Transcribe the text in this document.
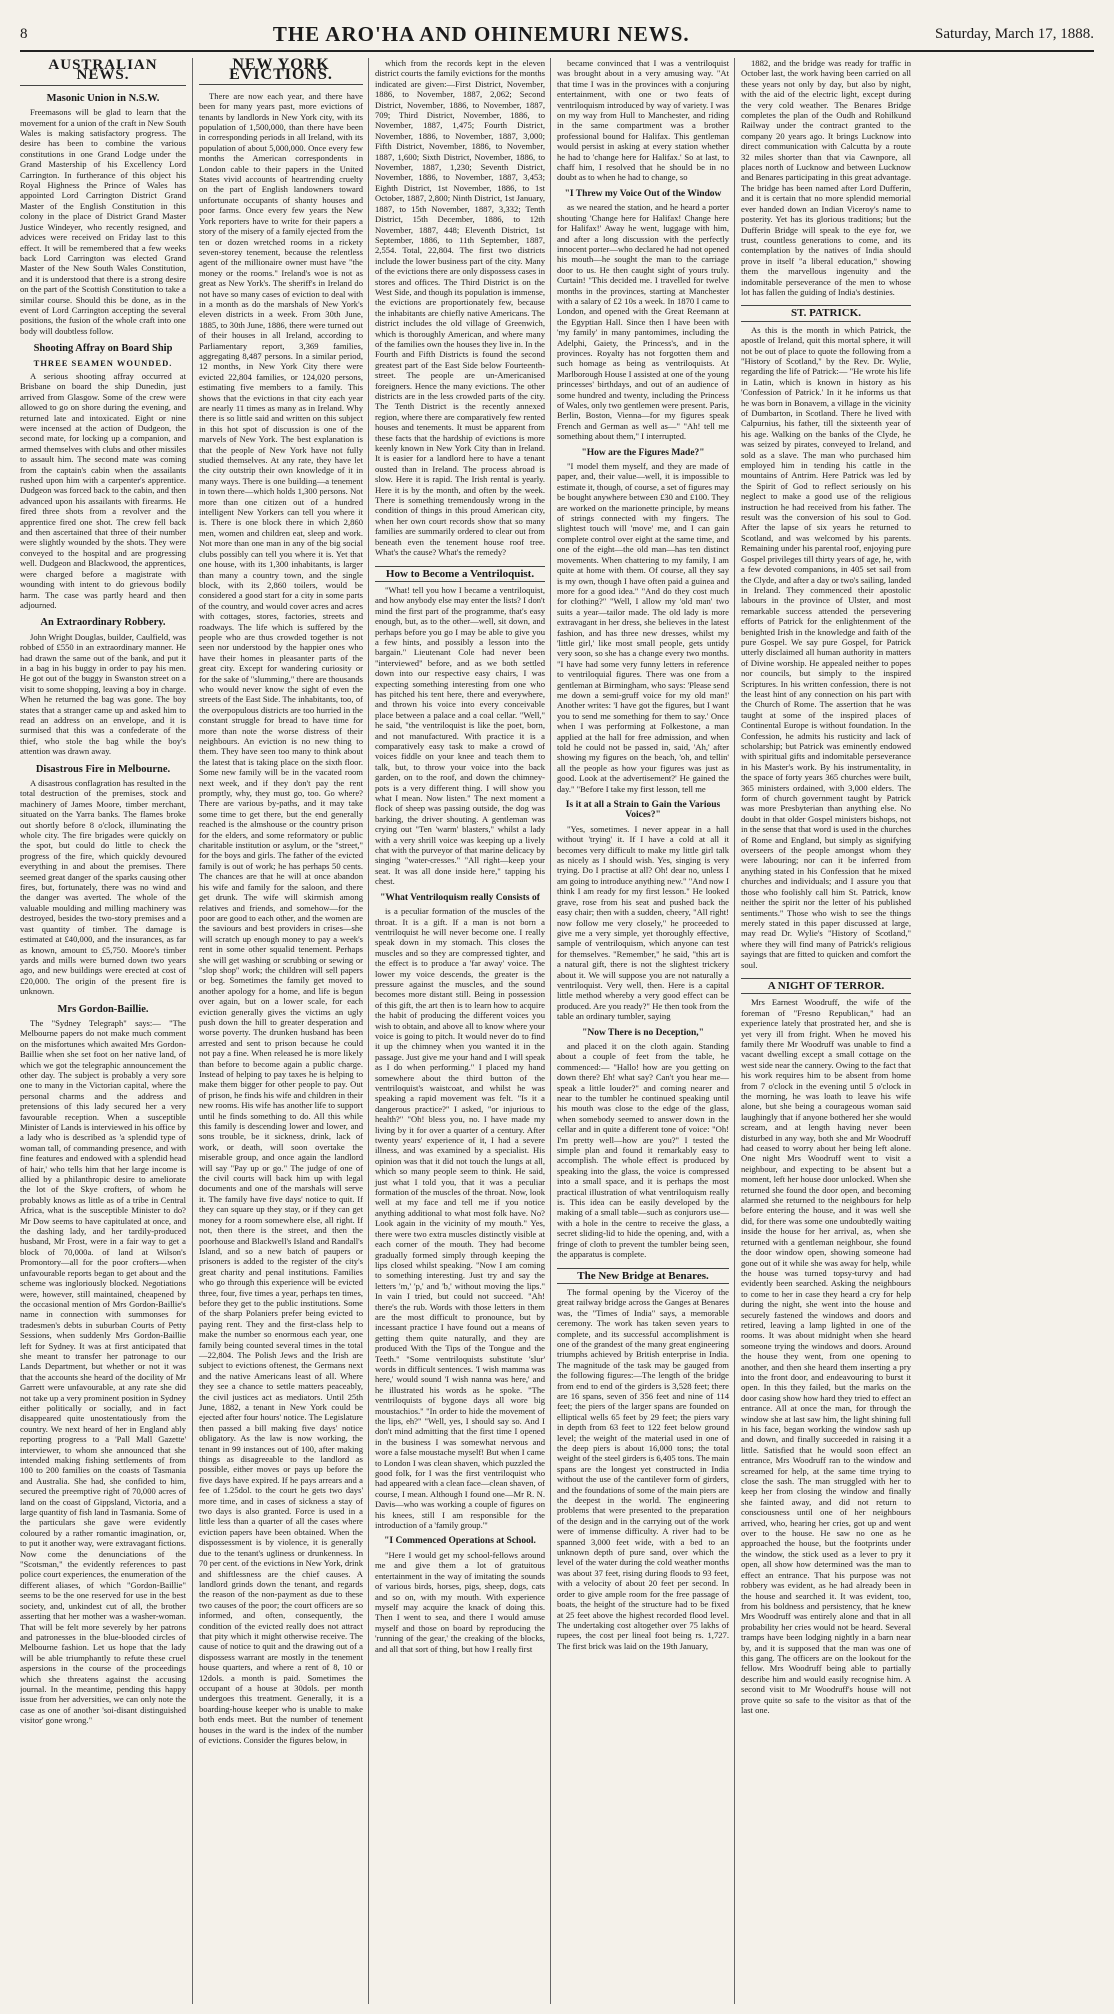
8	THE ARO'HA AND OHINEMURI NEWS.	Saturday, March 17, 1888.
AUSTRALIAN NEWS.
Masonic Union in N.S.W.

Freemasons will be glad to learn that the movement for a union of the craft in New South Wales is making satisfactory progress. The desire has been to combine the various constitutions in one Grand Lodge under the Grand Mastership of his Excellency Lord Carrington. In furtherance of this object his Royal Highness the Prince of Wales has appointed Lord Carrington District Grand Master of the English Constitution in this colony in the place of District Grand Master Justice Windeyer, who recently resigned, and advices were received on Friday last to this effect. It will be remembered that a few weeks back Lord Carrington was elected Grand Master of the New South Wales Constitution, and it is understood that there is a strong desire on the part of the Scottish Constitution to take a similar course. Should this be done, as in the event of Lord Carrington accepting the several positions, the fusion of the whole craft into one body will doubtless follow.

Shooting Affray on Board Ship
THREE SEAMEN WOUNDED.

A serious shooting affray occurred at Brisbane on board the ship Dunedin, just arrived from Glasgow. Some of the crew were allowed to go on shore during the evening, and returned late and intoxicated. Eight or nine were incensed at the action of Dudgeon, the second mate, for locking up a companion, and armed themselves with clubs and other missiles to assault him. The second mate was coming from the captain's cabin when the assailants rushed upon him with a carpenter's apprentice. Dudgeon was forced back to the cabin, and then advanced upon his assailants with firearms. He fired three shots from a revolver and the apprentice fired one shot. The crew fell back and then ascertained that three of their number were slightly wounded by the shots. They were conveyed to the hospital and are progressing well. Dudgeon and Blackwood, the apprentices, were charged before a magistrate with wounding with intent to do grievous bodily harm. The case was partly heard and then adjourned.

An Extraordinary Robbery.

John Wright Douglas, builder, Caulfield, was robbed of £550 in an extraordinary manner. He had drawn the same out of the bank, and put it in a bag in his buggy in order to pay his men. He got out of the buggy in Swanston street on a visit to some shopping, leaving a boy in charge. When he returned the bag was gone. The boy states that a stranger came up and asked him to read an address on an envelope, and it is surmised that this was a confederate of the thief, who stole the bag while the boy's attention was drawn away.

Disastrous Fire in Melbourne.

A disastrous conflagration has resulted in the total destruction of the premises, stock and machinery of James Moore, timber merchant, situated on the Yarra banks. The flames broke out shortly before 8 o'clock, illuminating the whole city. The fire brigades were quickly on the spot, but could do little to check the progress of the fire, which quickly devoured everything in and about the premises. There seemed great danger of the sparks causing other fires, but, fortunately, there was no wind and the danger was averted. The whole of the valuable moulding and milling machinery was destroyed, besides the two-story premises and a vast quantity of timber. The damage is estimated at £40,000, and the insurances, as far as known, amount to £5,750. Moore's timber yards and mills were burned down two years ago, and new buildings were erected at cost of £20,000. The origin of the present fire is unknown.

Mrs Gordon-Baillie.

The "Sydney Telegraph" says:— "The Melbourne papers do not make much comment on the misfortunes which awaited Mrs Gordon-Baillie when she set foot on her native land, of which we got the telegraphic announcement the other day. The subject is probably a very sore one to many in the Victorian capital, where the personal charms and the address and pretensions of this lady secured her a very favourable reception. When a susceptible Minister of Lands is interviewed in his office by a lady who is described as 'a splendid type of woman tall, of commanding presence, and with fine features and endowed with a splendid head of hair,' who tells him that her large income is allied by a philanthropic desire to ameliorate the lot of the Skye crofters, of whom he probably knows as little as of a tribe in Central Africa, what is the susceptible Minister to do? Mr Dow seems to have capitulated at once, and the dashing lady, and her tardily-produced husband, Mr Frost, were in a fair way to get a block of 70,000a. of land at Wilson's Promontory—all for the poor crofters—when unfavourable reports began to get about and the scheme was ingloriously blocked. Negotiations were, however, still maintained, cheapened by the occasional mention of Mrs Gordon-Baillie's name in connection with summonses for tradesmen's debts in suburban Courts of Petty Sessions, when suddenly Mrs Gordon-Baillie left for Sydney. It was at first anticipated that she meant to transfer her patronage to our Lands Department, but whether or not it was that the accounts she heard of the docility of Mr Garrett were unfavourable, at any rate she did not take up a very prominent position in Sydney either politically or socially, and in fact disappeared quite unostentatiously from the country. We next heard of her in England ably reporting progress to a 'Pall Mall Gazette' interviewer, to whom she announced that she intended making fishing settlements of from 100 to 200 families on the coasts of Tasmania and Australia. She had, she confided to him, secured the preemptive right of 70,000 acres of land on the coast of Gippsland, Victoria, and a large quantity of fish land in Tasmania. Some of the particulars she gave were evidently coloured by a rather romantic imagination, or, to put it another way, were extravagant fictions. Now come the denunciations of the "Scotsman," the evidently references to past police court experiences, the enumeration of the different aliases, of which "Gordon-Baillie" seems to be the one reserved for use in the best society, and, unkindest cut of all, the brother asserting that her mother was a washer-woman. That will be felt more severely by her patrons and patronesses in the blue-blooded circles of Melbourne fashion. Let us hope that the lady will be able triumphantly to refute these cruel aspersions in the course of the proceedings which she threatens against the accusing journal. In the meantime, pending this happy issue from her adversities, we can only note the case as one of another 'soi-disant distinguished visitor' gone wrong."

NEW YORK EVICTIONS.

There are now each year, and there have been for many years past, more evictions of tenants by landlords in New York city, with its population of 1,500,000, than there have been in corresponding periods in all Ireland, with its population of about 5,000,000. Once every few months the American correspondents in London cable to their papers in the United States vivid accounts of heartrending cruelty on the part of English landowners toward unfortunate occupants of shanty houses and poor farms. Once every few years the New York reporters have to write for their papers a story of the misery of a family ejected from the ten or dozen wretched rooms in a rickety seven-storey tenement, because the relentless agent of the millionaire owner must have "the money or the rooms." Ireland's woe is not as great as New York's. The sheriff's in Ireland do not have so many cases of eviction to deal with in a month as do the marshals of New York's eleven districts in a week. From 30th June, 1885, to 30th June, 1886, there were turned out of their houses in all Ireland, according to Parliamentary report, 3,369 families, aggregating 8,487 persons. In a similar period, 12 months, in New York City there were evicted 22,804 families, or 124,020 persons, estimating five members to a family. This shows that the evictions in that city each year are nearly 11 times as many as in Ireland. Why there is so little said and written on this subject in this hot spot of discussion is one of the marvels of New York. The best explanation is that the people of New York have not fully studied themselves. At any rate, they have let the city outstrip their own knowledge of it in many ways. There is one building—a tenement in town there—which holds 1,300 persons. Not more than one citizen out of a hundred intelligent New Yorkers can tell you where it is. There is one block there in which 2,860 men, women and children eat, sleep and work. Not more than one man in any of the big social clubs possibly can tell you where it is. Yet that one house, with its 1,300 inhabitants, is larger than many a country town, and the single block, with its 2,860 toilers, would be considered a good start for a city in some parts of the country, and would cover acres and acres with cottages, stores, factories, streets and roadways. The life which is suffered by the people who are thus crowded together is not seen nor understood by the happier ones who have their homes in pleasanter parts of the great city. Except for wandering curiosity or for the sake of "slumming," there are thousands who would never know the sight of even the streets of the East Side. The inhabitants, too, of the overpopulous districts are too hurried in the constant struggle for bread to have time for more than note the worse distress of their neighbours. An eviction is no new thing to them. They have seen too many to think about the latest that is taking place on the sixth floor. Some new family will be in the vacated room next week, and if they don't pay the rent promptly, why, they must go, too. Go where? There are various by-paths, and it may take some time to get there, but the end generally reached is the almshouse or the country prison for the elders, and some reformatory or public charitable institution or asylum, or the "street," for the boys and girls. The father of the evicted family is out of work; he has perhaps 50 cents. The chances are that he will at once abandon his wife and family for the saloon, and there get drunk. The wife will skirmish among relatives and friends, and somehow—for the poor are good to each other, and the women are the saviours and best providers in crises—she will scratch up enough money to pay a week's rent in some other squalid tenement. Perhaps she will get washing or scrubbing or sewing or "slop shop" work; the children will sell papers or beg. Sometimes the family get moved to another apology for a home, and life is begun over again, but on a lower scale, for each eviction generally gives the victims an ugly push down the hill to greater desperation and worse poverty. The drunken husband has been arrested and sent to prison because he could not pay a fine. When released he is more likely than before to become again a public charge. Instead of helping to pay taxes he is helping to make them bigger for other people to pay. Out of prison, he finds his wife and children in their new rooms. His wife has another life to support until he finds something to do. All this while this family is descending lower and lower, and sons trouble, be it sickness, drink, lack of work, or death, will soon overtake the miserable group, and once again the landlord will say "Pay up or go." The judge of one of the civil courts will back him up with legal documents and one of the marshals will serve it. The family have five days' notice to quit. If they can square up they stay, or if they can get money for a room somewhere else, all right. If not, then there is the street, and then the poorhouse and Blackwell's Island and Randall's Island, and so a new batch of paupers or prisoners is added to the register of the city's great charity and penal institutions. Families who go through this experience will be evicted three, four, five times a year, perhaps ten times, before they get to the public institutions. Some of the sharp Polaniers prefer being evicted to paying rent. They and the first-class help to make the number so enormous each year, one family being counted several times in the total—22,804. The Polish Jews and the Irish are subject to evictions oftenest, the Germans next and the native Americans least of all. Where they see a chance to settle matters peaceably, the civil justices act as mediators. Until 25th June, 1882, a tenant in New York could be ejected after four hours' notice. The Legislature then passed a bill making five days' notice obligatory. As the law is now working, the tenant in 99 instances out of 100, after making things as disagreeable to the landlord as possible, either moves or pays up before the five days have expired. If he pays arrears and a fee of 1.25dol. to the court he gets two days' more time, and in cases of sickness a stay of two days is also granted. Force is used in a little less than a quarter of all the cases where eviction papers have been obtained. When the dispossessment is by violence, it is generally due to the tenant's ugliness or drunkenness. In 70 per cent. of the evictions in New York, drink and shiftlessness are the chief causes. A landlord grinds down the tenant, and regards the reason of the non-payment as due to these two causes of the poor; the court officers are so informed, and often, consequently, the condition of the evicted really does not attract that pity which it might otherwise receive. The cause of notice to quit and the drawing out of a dispossess warrant are mostly in the tenement house quarters, and where a rent of 8, 10 or 12dols. a month is paid. Sometimes the occupant of a house at 30dols. per month undergoes this treatment. Generally, it is a boarding-house keeper who is unable to make both ends meet. But the number of tenement houses in the ward is the index of the number of evictions. Consider the figures below, in

which from the records kept in the eleven district courts the family evictions for the months indicated are given:—First District, November, 1886, to November, 1887, 2,062; Second District, November, 1886, to November, 1887, 709; Third District, November, 1886, to November, 1887, 1,475; Fourth District, November, 1886, to November, 1887, 3,000; Fifth District, November, 1886, to November, 1887, 1,600; Sixth District, November, 1886, to November, 1887, 1,230; Seventh District, November, 1886, to November, 1887, 3,453; Eighth District, 1st November, 1886, to 1st October, 1887, 2,800; Ninth District, 1st January, 1887, to 15th November, 1887, 3,332; Tenth District, 15th December, 1886, to 12th November, 1887, 448; Eleventh District, 1st September, 1886, to 11th September, 1887, 2,554. Total, 22,804. The first two districts include the lower business part of the city. Many of the evictions there are only dispossess cases in stores and offices. The Third District is on the West Side, and though its population is immense, the evictions are proportionately few, because the inhabitants are chiefly native Americans. The district includes the old village of Greenwich, which is thoroughly American, and where many of the families own the houses they live in. In the Fourth and Fifth Districts is found the second greatest part of the East Side below Fourteenth-street. The people are un-Americanised foreigners. Hence the many evictions. The other districts are in the less crowded parts of the city. The Tenth District is the recently annexed region, where there are comparatively few rented houses and tenements. It must be apparent from these facts that the hardship of evictions is more keenly known in New York City than in Ireland. It is easier for a landlord here to have a tenant ousted than in Ireland. The process abroad is slow. Here it is rapid. The Irish rental is yearly. Here it is by the month, and often by the week. There is something tremendously wrong in the condition of things in this proud American city, when her own court records show that so many families are summarily ordered to clear out from beneath even the tenement house roof tree. What's the cause? What's the remedy?

How to Become a Ventriloquist.

"What! tell you how I became a ventriloquist, and how anybody else may enter the lists? I don't mind the first part of the programme, that's easy enough, but, as to the other—well, sit down, and perhaps before you go I may be able to give you a few hints, and possibly a lesson into the bargain." Lieutenant Cole had never been "interviewed" before, and as we both settled down into our respective easy chairs, I was expecting something interesting from one who has pitched his tent here, there and everywhere, and thrown his voice into every conceivable place between a palace and a coal cellar. "Well," he said, "the ventriloquist is like the poet, born, and not manufactured. With practice it is a comparatively easy task to make a crowd of voices fiddle on your knee and teach them to talk, but, to throw your voice into the back garden, on to the roof, and down the chimney-pots is a very different thing. I will show you what I mean. Now listen." The next moment a flock of sheep was passing outside, the dog was barking, the driver shouting. A gentleman was crying out "Ten 'warm' blasters," whilst a lady with a very shrill voice was keeping up a lively chat with the purveyor of that marine delicacy by singing "water-cresses." "All right—keep your seat. It was all done inside here," tapping his chest.

"What Ventriloquism really Consists of

is a peculiar formation of the muscles of the throat. It is a gift. If a man is not born a ventriloquist he will never become one. I really speak down in my stomach. This closes the muscles and so they are compressed tighter, and the effect is to produce a 'far away' voice. The lower my voice descends, the greater is the pressure against the muscles, and the sound becomes more distant still. Being in possession of this gift, the art then is to learn how to acquire the habit of producing the different voices you wish to obtain, and above all to know where your voice is going to pitch. It would never do to find it up the chimney when you wanted it in the passage. Just give me your hand and I will speak as I do when performing." I placed my hand somewhere about the third button of the ventriloquist's waistcoat, and whilst he was speaking a rapid movement was felt. "Is it a dangerous practice?" I asked, "or injurious to health?" "Oh! bless you, no. I have made my living by it for over a quarter of a century. After twenty years' experience of it, I had a severe illness, and was examined by a specialist. His opinion was that it did not touch the lungs at all, which so many people seem to think. He said, just what I told you, that it was a peculiar formation of the muscles of the throat. Now, look well at my face and tell me if you notice anything additional to what most folk have. No? Look again in the vicinity of my mouth." Yes, there were two extra muscles distinctly visible at each corner of the mouth. They had become gradually formed simply through keeping the lips closed whilst speaking. "Now I am coming to something interesting. Just try and say the letters 'm,' 'p,' and 'b,' without moving the lips." In vain I tried, but could not succeed. "Ah! there's the rub. Words with those letters in them are the most difficult to pronounce, but by incessant practice I have found out a means of getting them quite naturally, and they are produced With the Tips of the Tongue and the Teeth." "Some ventriloquists substitute 'slur' words in difficult sentences. 'I wish mamma was here,' would sound 'I wish nanna was here,' and he illustrated his words as he spoke. "The ventriloquists of bygone days all wore big moustachios." "In order to hide the movement of the lips, eh?" "Well, yes, I should say so. And I don't mind admitting that the first time I opened in the business I was somewhat nervous and wore a false moustache myself! But when I came to London I was clean shaven, which puzzled the good folk, for I was the first ventriloquist who had appeared with a clean face—clean shaven, of course, I mean. Although I found one—Mr R. N. Davis—who was working a couple of figures on his knees, still I am responsible for the introduction of a 'family group.'"

"I Commenced Operations at School.

"Here I would get my school-fellows around me and give them a lot of gratuitous entertainment in the way of imitating the sounds of various birds, horses, pigs, sheep, dogs, cats and so on, with my mouth. With experience myself may acquire the knack of doing this. Then I went to sea, and there I would amuse myself and those on board by reproducing the 'running of the gear,' the creaking of the blocks, and all that sort of thing, but how I really first

became convinced that I was a ventriloquist was brought about in a very amusing way. "At that time I was in the provinces with a conjuring entertainment, with one or two feats of ventriloquism introduced by way of variety. I was on my way from Hull to Manchester, and riding in the same compartment was a brother professional bound for Halifax. This gentleman would persist in asking at every station whether he had to 'change here for Halifax.' So at last, to chaff him, I resolved that he should be in no doubt as to when he had to change, so

"I Threw my Voice Out of the Window

as we neared the station, and he heard a porter shouting 'Change here for Halifax! Change here for Halifax!' Away he went, luggage with him, and after a long discussion with the perfectly innocent porter—who declared he had not opened his mouth—he sought the man to the carriage door to us. He then caught sight of yours truly. Curtain! "This decided me. I travelled for twelve months in the provinces, starting at Manchester with a salary of £2 10s a week. In 1870 I came to London, and opened with the Great Reemann at the Egyptian Hall. Since then I have been with 'my family' in many pantomimes, including the Adelphi, Gaiety, the Princess's, and in the provinces. Royalty has not forgotten them and such homage as being as ventriloquists. At Marlborough House I assisted at one of the young princesses' birthdays, and out of an audience of some hundred and twenty, including the Princess of Wales, only two gentlemen were present. Paris, Berlin, Boston, Vienna—for my figures speak French and German as well as—" "Ah! tell me something about them," I interrupted.

"How are the Figures Made?"

"I model them myself, and they are made of paper, and, their value—well, it is impossible to estimate it, though, of course, a set of figures may be bought anywhere between £30 and £100. They are worked on the marionette principle, by means of strings connected with my fingers. The slightest touch will 'move' me, and I can gain complete control over eight at the same time, and one of the eight—the old man—has ten distinct movements. When chattering to my family, I am quite at home with them. Of course, all they say is my own, though I have often paid a guinea and more for a good idea." "And do they cost much for clothing?" "Well, I allow my 'old man' two suits a year—tailor made. The old lady is more extravagant in her dress, she believes in the latest fashion, and has three new dresses, whilst my 'little girl,' like most small people, gets untidy very soon, so she has a change every two months. "I have had some very funny letters in reference to ventriloquial figures. There was one from a gentleman at Birmingham, who says: 'Please send me down a semi-gruff voice for my old man!' Another writes: 'I have got the figures, but I want you to send me something for them to say.' Once when I was performing at Folkestone, a man applied at the hall for free admission, and when told he could not be passed in, said, 'Ah,' after showing my figures on the beach, 'oh, and tellin' all the people as how your figures was just as good. Look at the advertisement?' He gained the day." "Before I take my first lesson, tell me

Is it at all a Strain to Gain the Various Voices?"

"Yes, sometimes. I never appear in a hall without 'trying' it. If I have a cold at all it becomes very difficult to make my little girl talk as nicely as I should wish. Yes, singing is very trying. Do I practise at all? Oh! dear no, unless I am going to introduce anything new." "And now I think I am ready for my first lesson." He looked grave, rose from his seat and pushed back the easy chair; then with a sudden, cheery, "All right! now follow me very closely," he proceeded to give me a very simple, yet thoroughly effective, sample of ventriloquism, which anyone can test for themselves. "Remember," he said, "this art is a natural gift, there is not the slightest trickery about it. We will suppose you are not naturally a ventriloquist. Very well, then. Here is a capital little method whereby a very good effect can be produced. Are you ready?" He then took from the table an ordinary tumbler, saying

"Now There is no Deception,"

and placed it on the cloth again. Standing about a couple of feet from the table, he commenced:— "Hallo! how are you getting on down there? Eh! what say? Can't you hear me—speak a little louder?" and coming nearer and near to the tumbler he continued speaking until his mouth was close to the edge of the glass, when somebody seemed to answer down in the cellar and in quite a different tone of voice: "Oh! I'm pretty well—how are you?" I tested the simple plan and found it remarkably easy to accomplish. The whole effect is produced by speaking into the glass, the voice is compressed into a small space, and it is perhaps the most practical illustration of what ventriloquism really is. This idea can be easily developed by the making of a small table—such as conjurors use—with a hole in the centre to receive the glass, a secret sliding-lid to hide the opening, and, with a fringe of cloth to prevent the tumbler being seen, the apparatus is complete.

The New Bridge at Benares.

The formal opening by the Viceroy of the great railway bridge across the Ganges at Benares was, the "Times of India" says, a memorable ceremony. The work has taken seven years to complete, and its successful accomplishment is one of the grandest of the many great engineering triumphs achieved by British enterprise in India. The magnitude of the task may be gauged from the following figures:—The length of the bridge from end to end of the girders is 3,528 feet; there are 16 spans, seven of 356 feet and nine of 114 feet; the piers of the larger spans are founded on elliptical wells 65 feet by 29 feet; the piers vary in depth from 63 feet to 122 feet below ground level; the weight of the material used in one of the deep piers is about 16,000 tons; the total weight of the steel girders is 6,405 tons. The main spans are the longest yet constructed in India without the use of the cantilever form of girders, and the foundations of some of the main piers are the deepest in the world. The engineering problems that were presented to the preparation of the design and in the carrying out of the work were of immense difficulty. A river had to be spanned 3,000 feet wide, with a bed to an unknown depth of pure sand, over which the level of the water during the cold weather months was about 37 feet, rising during floods to 93 feet, with a velocity of about 20 feet per second. In order to give ample room for the free passage of boats, the height of the structure had to be fixed at 25 feet above the highest recorded flood level. The undertaking cost altogether over 75 lakhs of rupees, the cost per lineal foot being rs. 1,727. The first brick was laid on the 19th January,

1882, and the bridge was ready for traffic in October last, the work having been carried on all these years not only by day, but also by night, with the aid of the electric light, except during the very cold weather. The Benares Bridge completes the plan of the Oudh and Rohilkund Railway under the contract granted to the company 20 years ago. It brings Lucknow into direct communication with Calcutta by a route 32 miles shorter than that via Cawnpore, all places north of Lucknow and between Lucknow and Benares participating in this great advantage. The bridge has been named after Lord Dufferin, and it is certain that no more splendid memorial ever handed down an Indian Viceroy's name to posterity. Yet has its glorious traditions; but the Dufferin Bridge will speak to the eye for, we trust, countless generations to come, and its contemplation by the natives of India should prove in itself "a liberal education," showing them the marvellous ingenuity and the indomitable perseverance of the men to whose lot has fallen the guiding of India's destinies.

ST. PATRICK.

As this is the month in which Patrick, the apostle of Ireland, quit this mortal sphere, it will not be out of place to quote the following from a "History of Scotland," by the Rev. Dr. Wylie, regarding the life of Patrick:— "He wrote his life in Latin, which is known in history as his 'Confession of Patrick.' In it he informs us that he was born in Bonavem, a village in the vicinity of Dumbarton, in Scotland. There he lived with Calpurnius, his father, till the sixteenth year of his age. Walking on the banks of the Clyde, he was seized by pirates, conveyed to Ireland, and sold as a slave. The man who purchased him employed him in tending his cattle in the mountains of Antrim. Here Patrick was led by the Spirit of God to reflect seriously on his neglect to make a good use of the religious instruction he had received from his father. The result was the conversion of his soul to God. After the lapse of six years he returned to Scotland, and was welcomed by his parents. Remaining under his parental roof, enjoying pure Gospel privileges till thirty years of age, he, with a few devoted companions, in 405 set sail from the Clyde, and after a day or two's sailing, landed in Ireland. They commenced their apostolic labours in the province of Ulster, and most remarkable success attended the persevering efforts of Patrick for the enlightenment of the benighted Irish in the knowledge and faith of the pure Gospel. We say pure Gospel, for Patrick utterly disclaimed all human authority in matters of Divine worship. He appealed neither to popes nor councils, but simply to the inspired Scriptures. In his written confession, there is not the least hint of any connection on his part with the Church of Rome. The assertion that he was taught at some of the inspired places of Continental Europe is without foundation. In the Confession, he admits his rusticity and lack of scholarship; but Patrick was eminently endowed with spiritual gifts and indomitable perseverance in his Master's work. By his instrumentality, in the space of forty years 365 churches were built, 365 ministers ordained, with 3,000 elders. The form of church government taught by Patrick was more Presbyterian than anything else. No doubt in that older Gospel ministers bishops, not in the sense that that word is used in the churches of Rome and England, but simply as signifying overseers of the people amongst whom they were labouring; nor can it be inferred from anything stated in his Confession that he mixed churches and individuals; and I assure you that those who foolishly call him St. Patrick, know neither the spirit nor the letter of his published sentiments." Those who wish to see the things merely stated in this paper discussed at large, may read Dr. Wylie's "History of Scotland," where they will find many of Patrick's religious sayings that are fitted to quicken and comfort the soul.

A NIGHT OF TERROR.

Mrs Earnest Woodruff, the wife of the foreman of "Fresno Republican," had an experience lately that prostrated her, and she is yet very ill from fright. When he moved his family there Mr Woodruff was unable to find a vacant dwelling except a small cottage on the west side near the cannery. Owing to the fact that his work requires him to be absent from home from 7 o'clock in the evening until 5 o'clock in the morning, he was loath to leave his wife alone, but she being a courageous woman said laughingly that if anyone bothered her she would scream, and at length having never been disturbed in any way, both she and Mr Woodruff had ceased to worry about her being left alone. One night Mrs Woodruff went to visit a neighbour, and expecting to be absent but a moment, left her house door unlocked. When she returned she found the door open, and becoming alarmed she returned to the neighbours for help before entering the house, and it was well she did, for there was some one undoubtedly waiting inside the house for her arrival, as, when she returned with a gentleman neighbour, she found the door window open, showing someone had gone out of it while she was away for help, while the house was turned topsy-turvy and had evidently been searched. Asking the neighbours to come to her in case they heard a cry for help during the night, she went into the house and securely fastened the windows and doors and retired, leaving a lamp lighted in one of the rooms. It was about midnight when she heard someone trying the windows and doors. Around the house they went, from one opening to another, and then she heard them inserting a pry into the front door, and endeavouring to burst it open. In this they failed, but the marks on the door casing show how hard they tried to effect an entrance. All at once the man, for through the window she at last saw him, the light shining full in his face, began working the window sash up and down, and finally succeeded in raising it a little. Satisfied that he would soon effect an entrance, Mrs Woodruff ran to the window and screamed for help, at the same time trying to close the sash. The man struggled with her to keep her from closing the window and finally she fainted away, and did not return to consciousness until one of her neighbours arrived, who, hearing her cries, got up and went over to the house. He saw no one as he approached the house, but the footprints under the window, the stick used as a lever to pry it open, all show how determined was the man to effect an entrance. That his purpose was not robbery was evident, as he had already been in the house and searched it. It was evident, too, from his boldness and persistency, that he knew Mrs Woodruff was entirely alone and that in all probability her cries would not be heard. Several tramps have been lodging nightly in a barn near by, and it is supposed that the man was one of this gang. The officers are on the lookout for the fellow. Mrs Woodruff being able to partially describe him and would easily recognise him. A second visit to Mr Woodruff's house will not prove quite so safe to the visitor as that of the last one.
